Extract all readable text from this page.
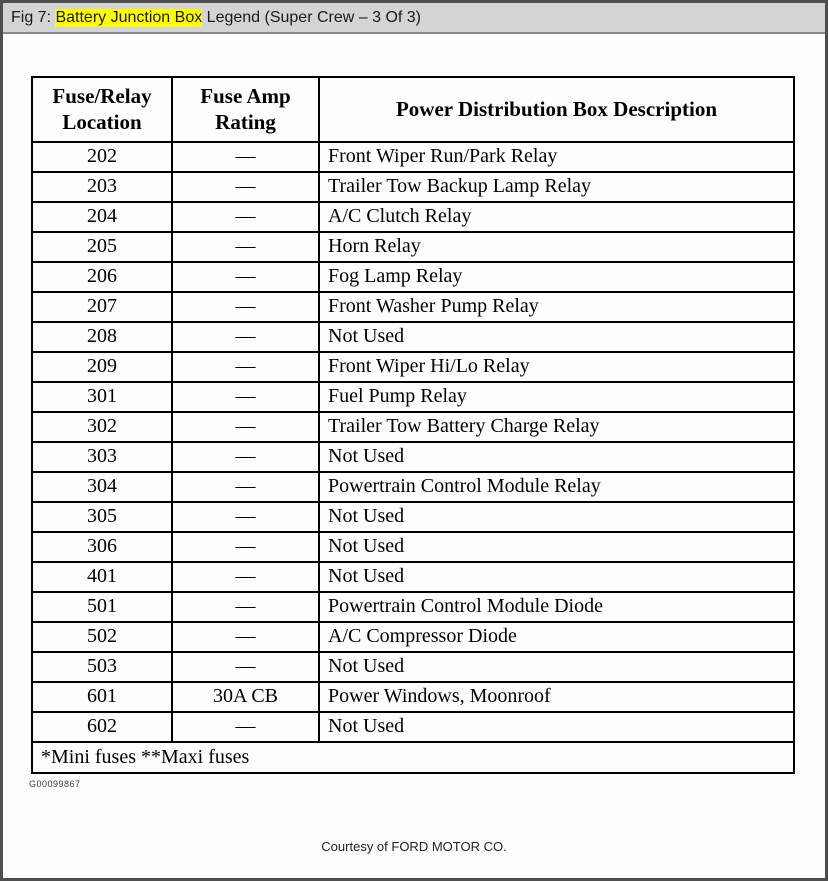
Fig 7: Battery Junction Box Legend (Super Crew – 3 Of 3)
Fuse/Relay Location	Fuse Amp Rating	Power Distribution Box Description
202	—	Front Wiper Run/Park Relay
203	—	Trailer Tow Backup Lamp Relay
204	—	A/C Clutch Relay
205	—	Horn Relay
206	—	Fog Lamp Relay
207	—	Front Washer Pump Relay
208	—	Not Used
209	—	Front Wiper Hi/Lo Relay
301	—	Fuel Pump Relay
302	—	Trailer Tow Battery Charge Relay
303	—	Not Used
304	—	Powertrain Control Module Relay
305	—	Not Used
306	—	Not Used
401	—	Not Used
501	—	Powertrain Control Module Diode
502	—	A/C Compressor Diode
503	—	Not Used
601	30A CB	Power Windows, Moonroof
602	—	Not Used
*Mini fuses **Maxi fuses		
G00099867
Courtesy of FORD MOTOR CO.
